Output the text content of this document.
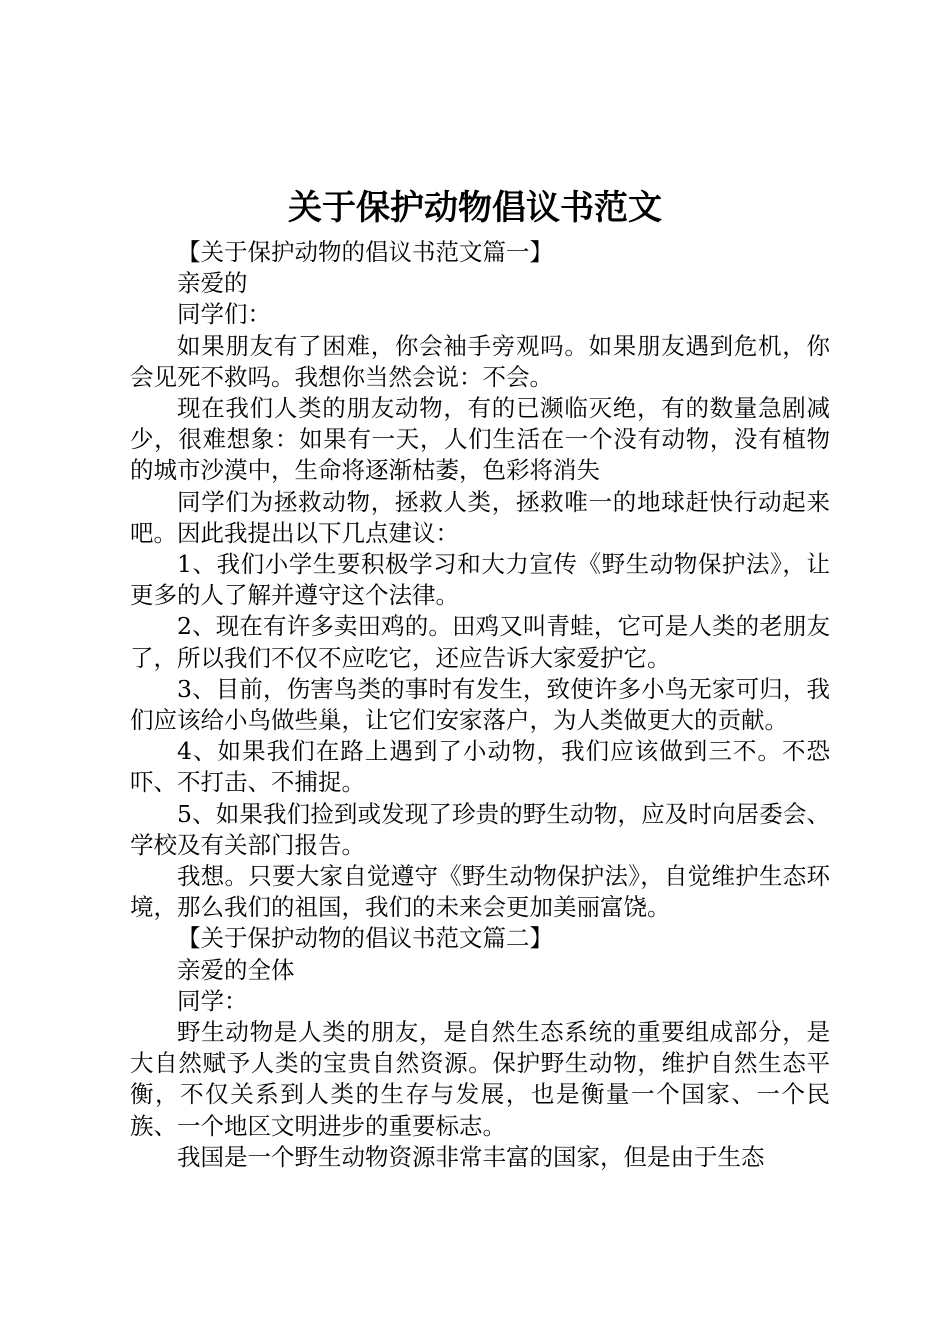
关于保护动物倡议书范文

【关于保护动物的倡议书范文篇一】

亲爱的

同学们：

如果朋友有了困难，你会袖手旁观吗。如果朋友遇到危机，你会见死不救吗。我想你当然会说：不会。

现在我们人类的朋友动物，有的已濒临灭绝，有的数量急剧减少，很难想象：如果有一天，人们生活在一个没有动物，没有植物的城市沙漠中，生命将逐渐枯萎，色彩将消失

同学们为拯救动物，拯救人类，拯救唯一的地球赶快行动起来吧。因此我提出以下几点建议：

1、我们小学生要积极学习和大力宣传《野生动物保护法》，让更多的人了解并遵守这个法律。

2、现在有许多卖田鸡的。田鸡又叫青蛙，它可是人类的老朋友了，所以我们不仅不应吃它，还应告诉大家爱护它。

3、目前，伤害鸟类的事时有发生，致使许多小鸟无家可归，我们应该给小鸟做些巢，让它们安家落户，为人类做更大的贡献。

4、如果我们在路上遇到了小动物，我们应该做到三不。不恐吓、不打击、不捕捉。

5、如果我们捡到或发现了珍贵的野生动物，应及时向居委会、学校及有关部门报告。

我想。只要大家自觉遵守《野生动物保护法》，自觉维护生态环境，那么我们的祖国，我们的未来会更加美丽富饶。

【关于保护动物的倡议书范文篇二】

亲爱的全体

同学：

野生动物是人类的朋友，是自然生态系统的重要组成部分，是大自然赋予人类的宝贵自然资源。保护野生动物，维护自然生态平衡，不仅关系到人类的生存与发展，也是衡量一个国家、一个民族、一个地区文明进步的重要标志。

我国是一个野生动物资源非常丰富的国家，但是由于生态
